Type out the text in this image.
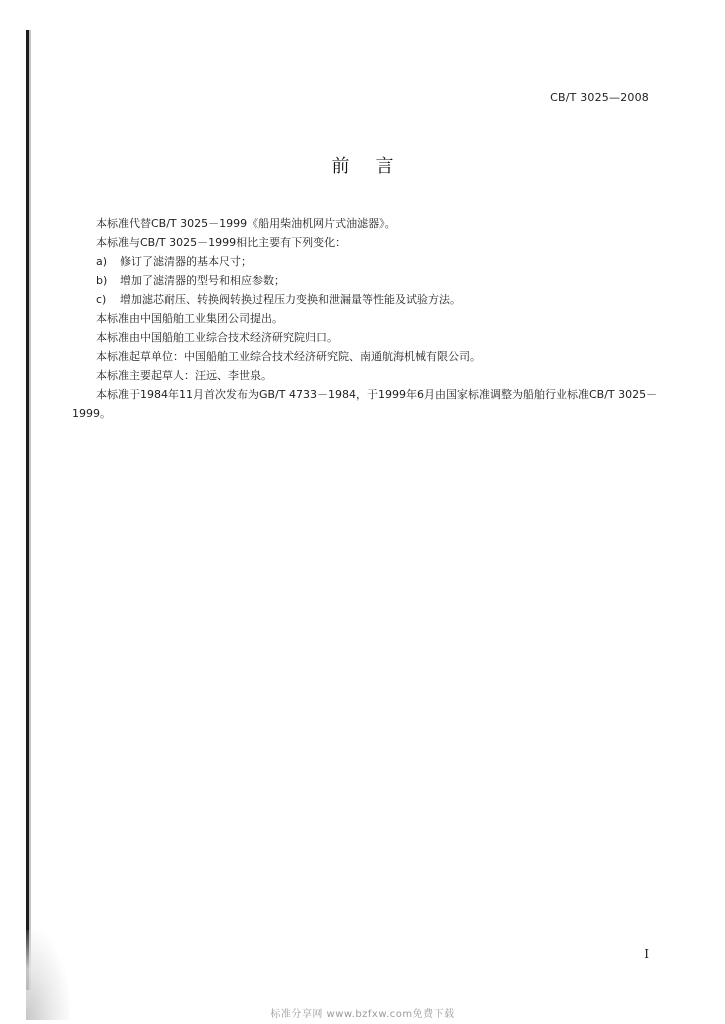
CB/T 3025—2008
前言

本标准代替CB/T 3025－1999《船用柴油机网片式油滤器》。

本标准与CB/T 3025－1999相比主要有下列变化：

a) 修订了滤清器的基本尺寸；

b) 增加了滤清器的型号和相应参数；

c) 增加滤芯耐压、转换阀转换过程压力变换和泄漏量等性能及试验方法。

本标准由中国船舶工业集团公司提出。

本标准由中国船舶工业综合技术经济研究院归口。

本标准起草单位：中国船舶工业综合技术经济研究院、南通航海机械有限公司。

本标准主要起草人：汪远、李世泉。

本标准于1984年11月首次发布为GB/T 4733－1984，于1999年6月由国家标准调整为船舶行业标准CB/T 3025－1999。

I
标准分享网 www.bzfxw.com免费下载
